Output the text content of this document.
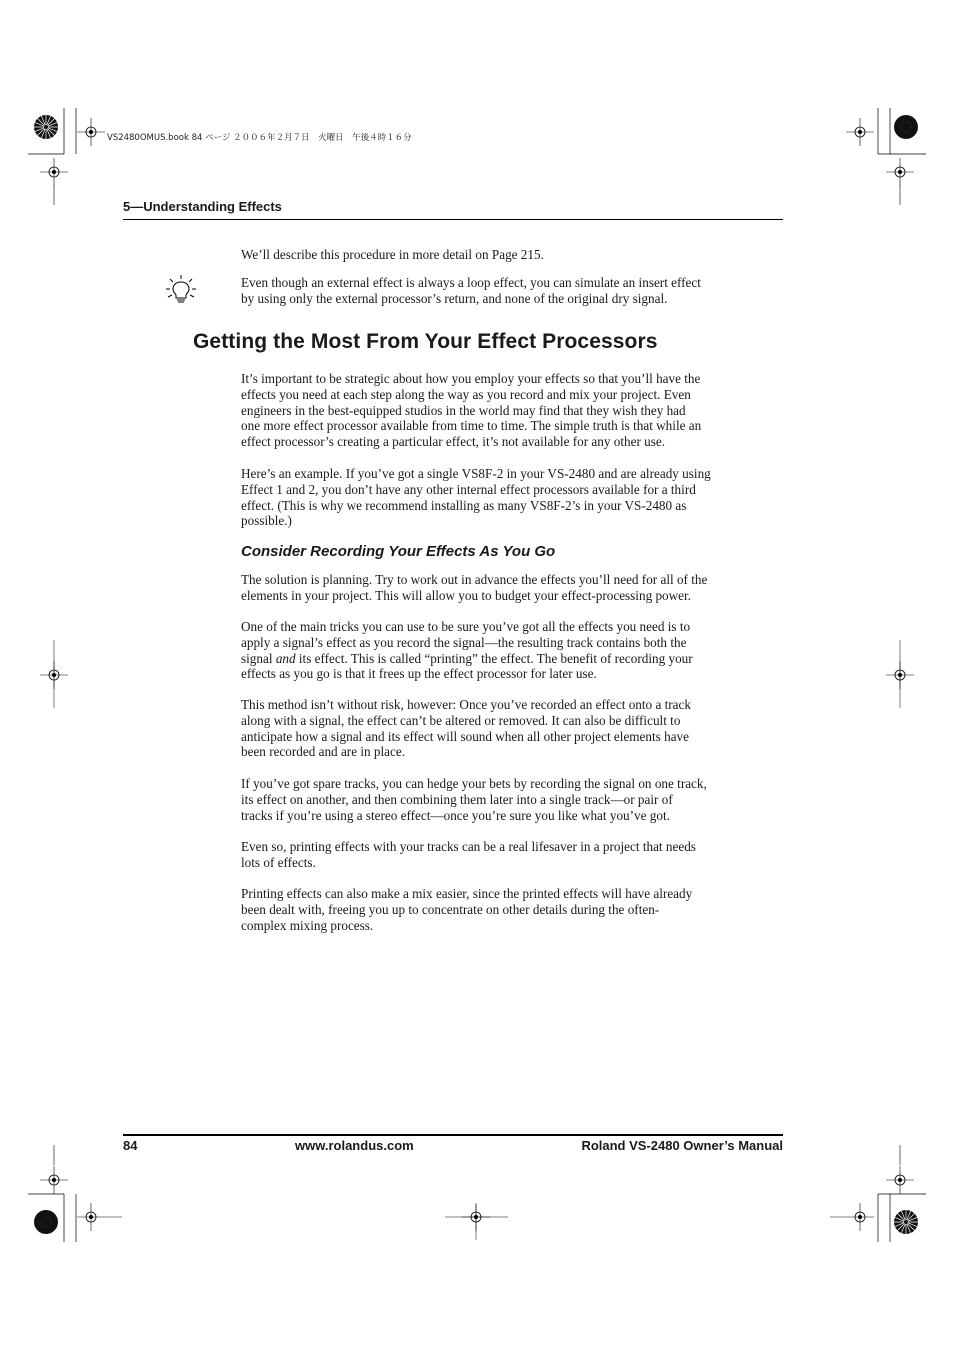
VS2480OMUS.book 84 ページ ２００６年２月７日　火曜日　午後４時１６分
5—Understanding Effects

We’ll describe this procedure in more detail on Page 215.

Even though an external effect is always a loop effect, you can simulate an insert effect

by using only the external processor’s return, and none of the original dry signal.

Getting the Most From Your Effect Processors

It’s important to be strategic about how you employ your effects so that you’ll have the

effects you need at each step along the way as you record and mix your project. Even

engineers in the best-equipped studios in the world may find that they wish they had

one more effect processor available from time to time. The simple truth is that while an

effect processor’s creating a particular effect, it’s not available for any other use.

Here’s an example. If you’ve got a single VS8F-2 in your VS-2480 and are already using

Effect 1 and 2, you don’t have any other internal effect processors available for a third

effect. (This is why we recommend installing as many VS8F-2’s in your VS-2480 as

possible.)

Consider Recording Your Effects As You Go

The solution is planning. Try to work out in advance the effects you’ll need for all of the

elements in your project. This will allow you to budget your effect-processing power.

One of the main tricks you can use to be sure you’ve got all the effects you need is to

apply a signal’s effect as you record the signal—the resulting track contains both the

signal and its effect. This is called “printing” the effect. The benefit of recording your

effects as you go is that it frees up the effect processor for later use.

This method isn’t without risk, however: Once you’ve recorded an effect onto a track

along with a signal, the effect can’t be altered or removed. It can also be difficult to

anticipate how a signal and its effect will sound when all other project elements have

been recorded and are in place.

If you’ve got spare tracks, you can hedge your bets by recording the signal on one track,

its effect on another, and then combining them later into a single track—or pair of

tracks if you’re using a stereo effect—once you’re sure you like what you’ve got.

Even so, printing effects with your tracks can be a real lifesaver in a project that needs

lots of effects.

Printing effects can also make a mix easier, since the printed effects will have already

been dealt with, freeing you up to concentrate on other details during the often-

complex mixing process.

84	www.rolandus.com	Roland VS-2480 Owner’s Manual
